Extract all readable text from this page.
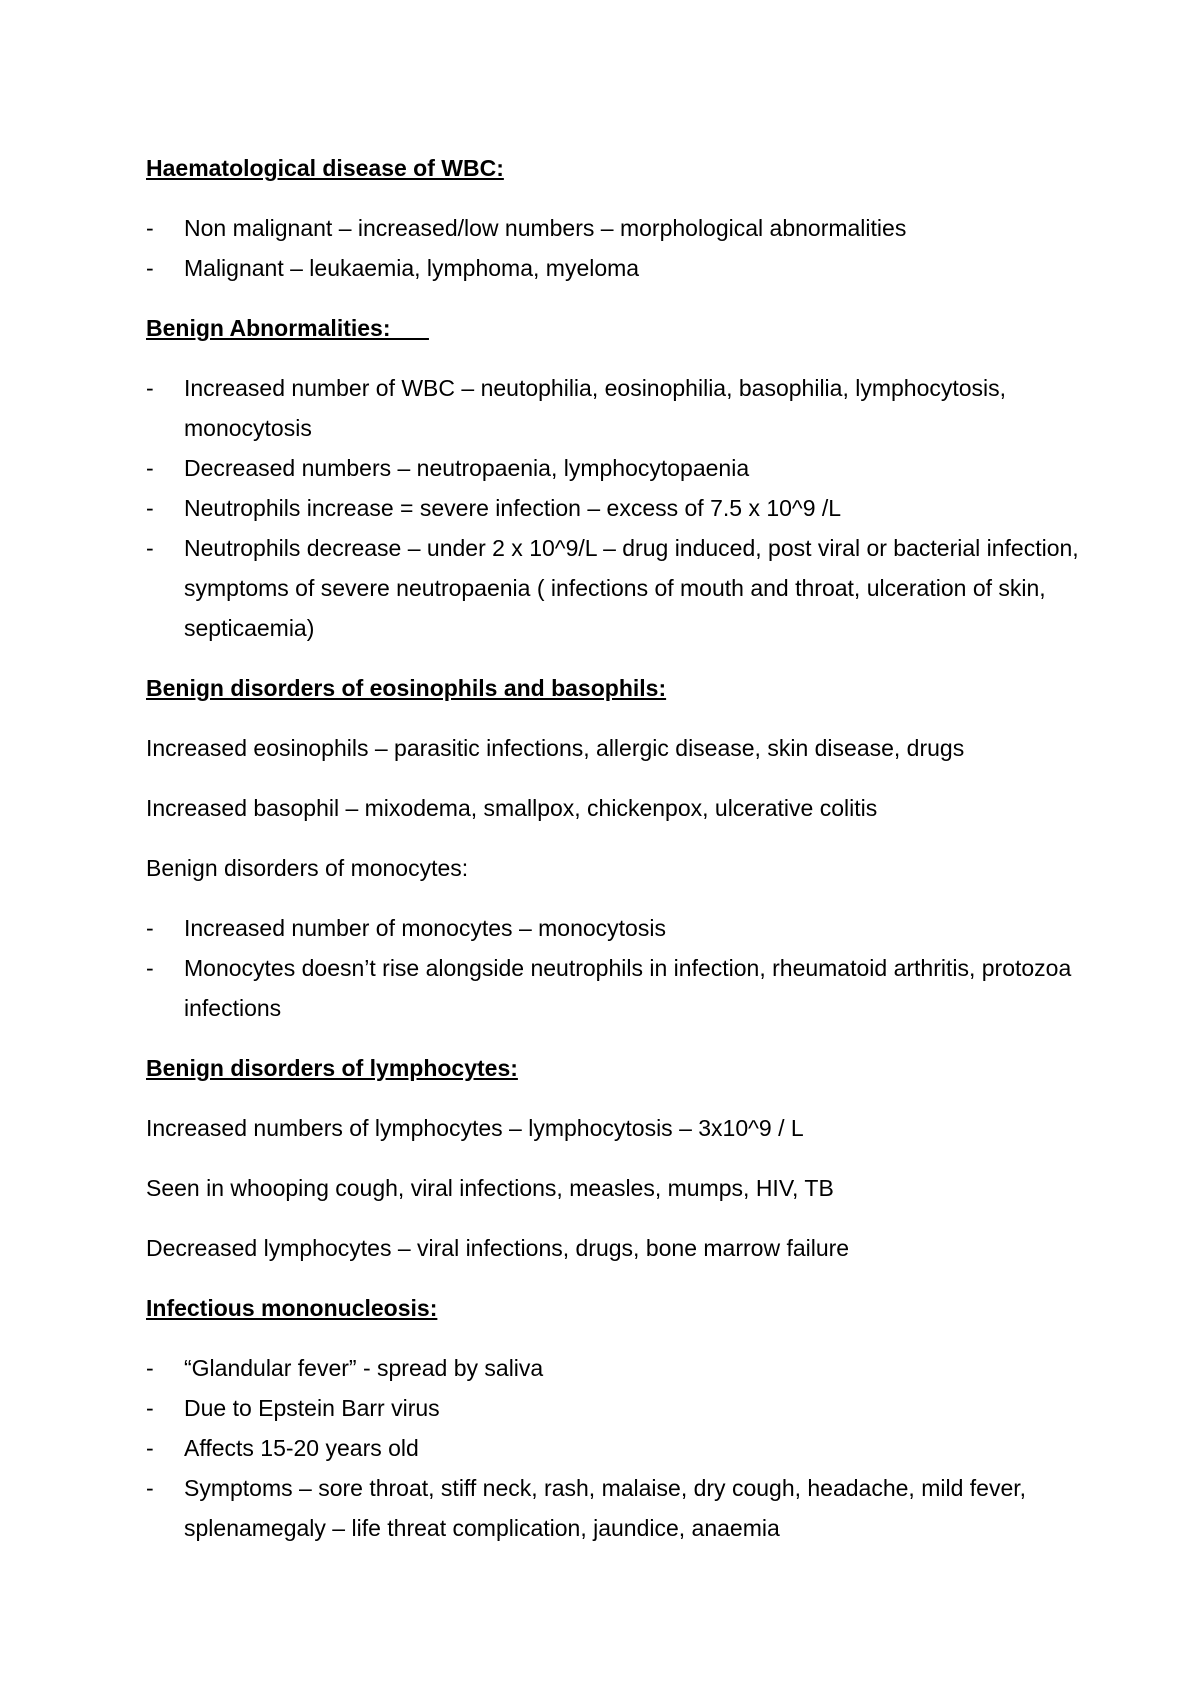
Haematological disease of WBC:
- Non malignant – increased/low numbers – morphological abnormalities
- Malignant – leukaemia, lymphoma, myeloma
Benign Abnormalities:
- Increased number of WBC – neutophilia, eosinophilia, basophilia, lymphocytosis, monocytosis
- Decreased numbers – neutropaenia, lymphocytopaenia
- Neutrophils increase = severe infection – excess of 7.5 x 10^9 /L
- Neutrophils decrease – under 2 x 10^9/L – drug induced, post viral or bacterial infection, symptoms of severe neutropaenia ( infections of mouth and throat, ulceration of skin, septicaemia)
Benign disorders of eosinophils and basophils:
Increased eosinophils – parasitic infections, allergic disease, skin disease, drugs
Increased basophil – mixodema, smallpox, chickenpox, ulcerative colitis
Benign disorders of monocytes:
- Increased number of monocytes – monocytosis
- Monocytes doesn’t rise alongside neutrophils in infection, rheumatoid arthritis, protozoa infections
Benign disorders of lymphocytes:
Increased numbers of lymphocytes – lymphocytosis – 3x10^9 / L
Seen in whooping cough, viral infections, measles, mumps, HIV, TB
Decreased lymphocytes – viral infections, drugs, bone marrow failure
Infectious mononucleosis:
- “Glandular fever” - spread by saliva
- Due to Epstein Barr virus
- Affects 15-20 years old
- Symptoms – sore throat, stiff neck, rash, malaise, dry cough, headache, mild fever, splenamegaly – life threat complication, jaundice, anaemia
